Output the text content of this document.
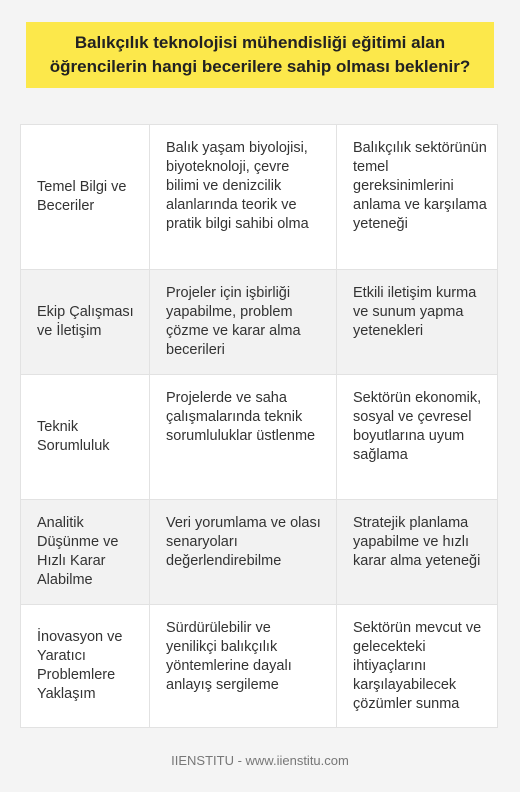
Balıkçılık teknolojisi mühendisliği eğitimi alan
öğrencilerin hangi becerilere sahip olması beklenir?
Temel Bilgi ve Beceriler
Balık yaşam biyolojisi, biyoteknoloji, çevre bilimi ve denizcilik alanlarında teorik ve pratik bilgi sahibi olma
Balıkçılık sektörünün temel gereksinimlerini anlama ve karşılama yeteneği
Ekip Çalışması ve İletişim
Projeler için işbirliği yapabilme, problem çözme ve karar alma becerileri
Etkili iletişim kurma ve sunum yapma yetenekleri
Teknik Sorumluluk
Projelerde ve saha çalışmalarında teknik sorumluluklar üstlenme
Sektörün ekonomik, sosyal ve çevresel boyutlarına uyum sağlama
Analitik Düşünme ve Hızlı Karar Alabilme
Veri yorumlama ve olası senaryoları değerlendirebilme
Stratejik planlama yapabilme ve hızlı karar alma yeteneği
İnovasyon ve Yaratıcı Problemlere Yaklaşım
Sürdürülebilir ve yenilikçi balıkçılık yöntemlerine dayalı anlayış sergileme
Sektörün mevcut ve gelecekteki ihtiyaçlarını karşılayabilecek çözümler sunma
IIENSTITU - www.iienstitu.com
